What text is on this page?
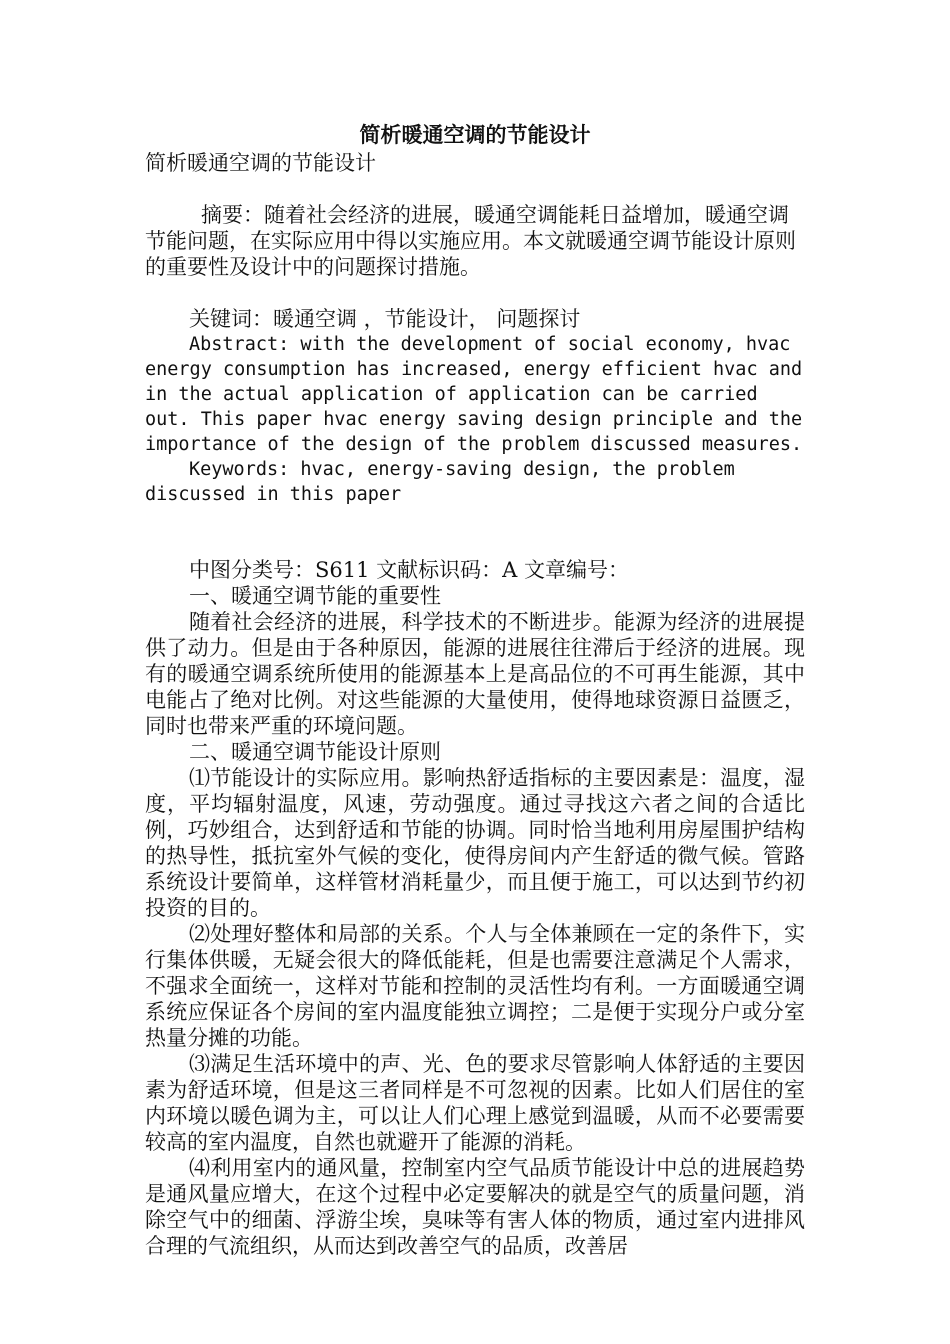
简析暖通空调的节能设计

简析暖通空调的节能设计

摘要：随着社会经济的进展，暖通空调能耗日益增加，暖通空调节能问题，在实际应用中得以实施应用。本文就暖通空调节能设计原则的重要性及设计中的问题探讨措施。

关键词：暖通空调 ，节能设计， 问题探讨

Abstract: with the development of social economy, hvac energy consumption has increased, energy efficient hvac and in the actual application of application can be carried out. This paper hvac energy saving design principle and the importance of the design of the problem discussed measures.

Keywords: hvac, energy-saving design, the problem discussed in this paper

中图分类号：S611 文献标识码：A 文章编号：

一、暖通空调节能的重要性

随着社会经济的进展，科学技术的不断进步。能源为经济的进展提供了动力。但是由于各种原因，能源的进展往往滞后于经济的进展。现有的暖通空调系统所使用的能源基本上是高品位的不可再生能源，其中电能占了绝对比例。对这些能源的大量使用，使得地球资源日益匮乏，同时也带来严重的环境问题。

二、暖通空调节能设计原则

⑴节能设计的实际应用。影响热舒适指标的主要因素是：温度，湿度，平均辐射温度，风速，劳动强度。通过寻找这六者之间的合适比例，巧妙组合，达到舒适和节能的协调。同时恰当地利用房屋围护结构的热导性，抵抗室外气候的变化，使得房间内产生舒适的微气候。管路系统设计要简单，这样管材消耗量少，而且便于施工，可以达到节约初投资的目的。

⑵处理好整体和局部的关系。个人与全体兼顾在一定的条件下，实行集体供暖，无疑会很大的降低能耗，但是也需要注意满足个人需求，不强求全面统一，这样对节能和控制的灵活性均有利。一方面暖通空调系统应保证各个房间的室内温度能独立调控；二是便于实现分户或分室热量分摊的功能。

⑶满足生活环境中的声、光、色的要求尽管影响人体舒适的主要因素为舒适环境，但是这三者同样是不可忽视的因素。比如人们居住的室内环境以暖色调为主，可以让人们心理上感觉到温暖，从而不必要需要较高的室内温度，自然也就避开了能源的消耗。

⑷利用室内的通风量，控制室内空气品质节能设计中总的进展趋势是通风量应增大，在这个过程中必定要解决的就是空气的质量问题，消除空气中的细菌、浮游尘埃，臭味等有害人体的物质，通过室内进排风合理的气流组织，从而达到改善空气的品质，改善居
